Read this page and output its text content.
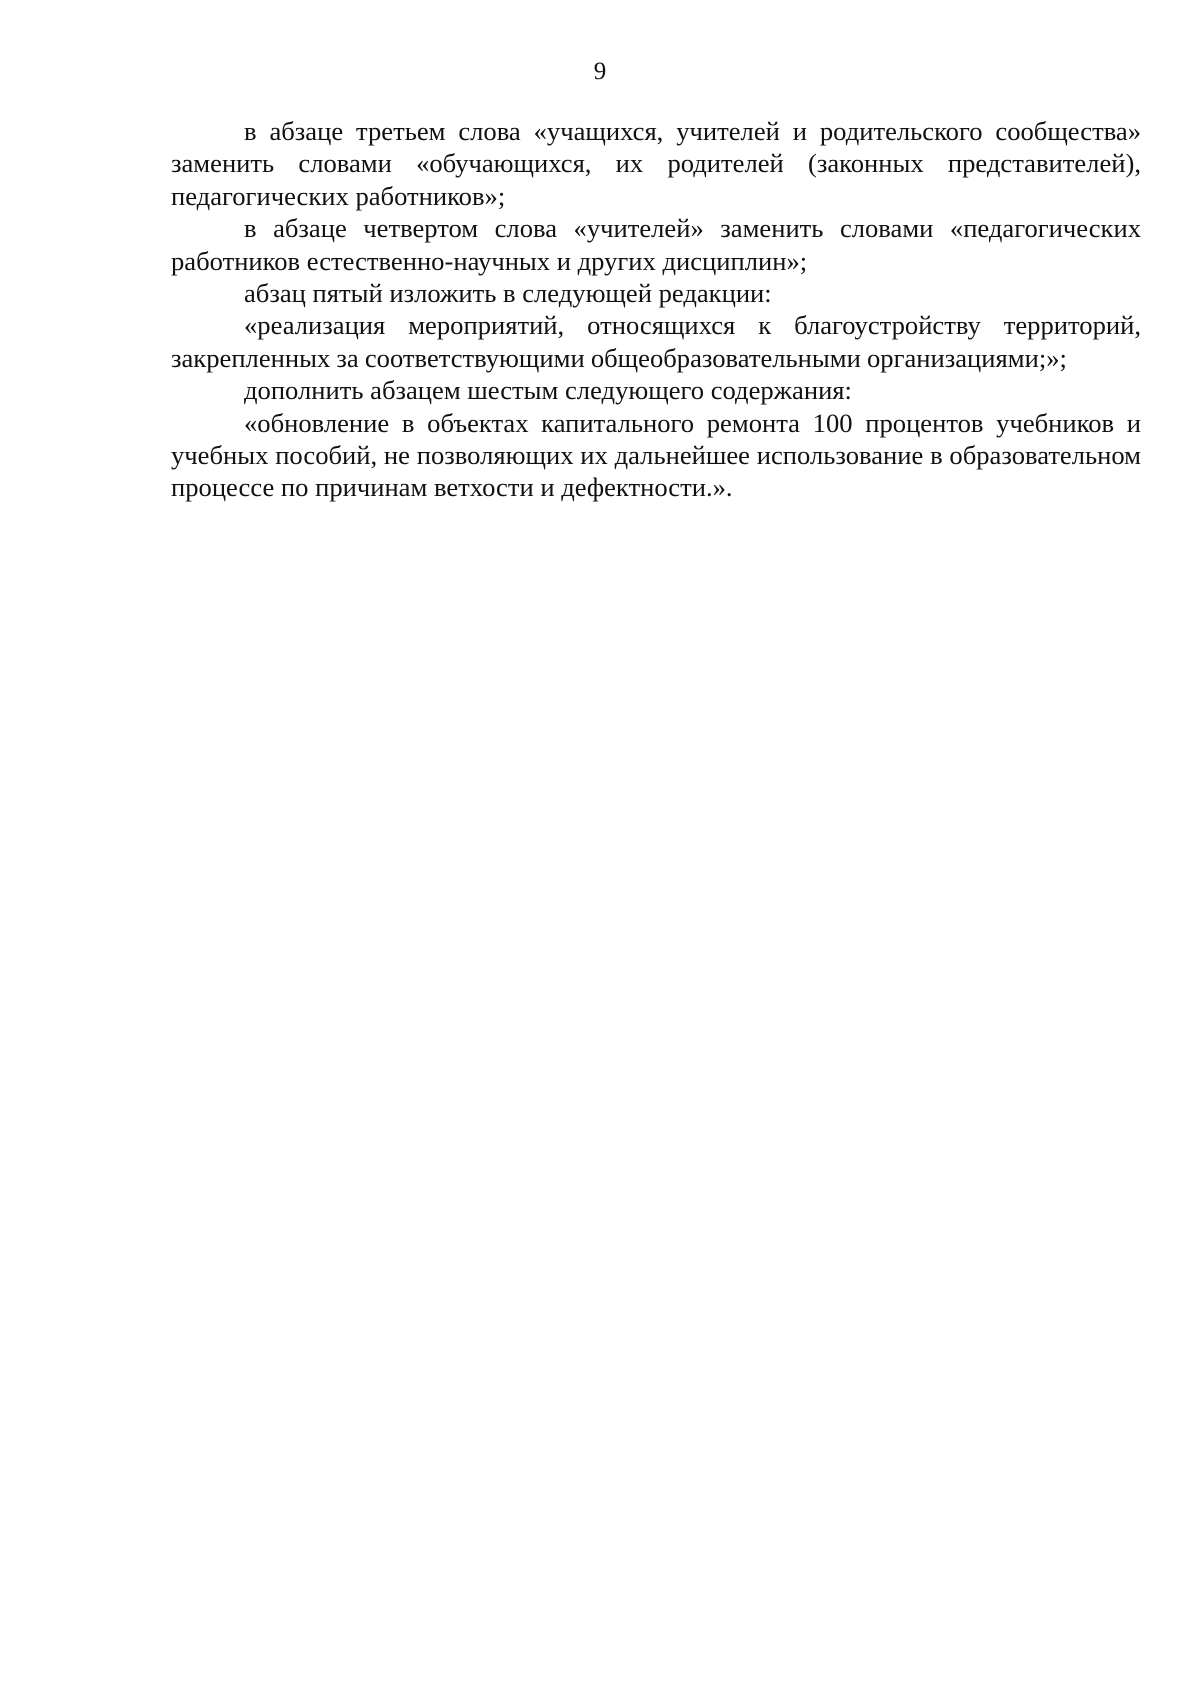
9

в абзаце третьем слова «учащихся, учителей и родительского сообщества» заменить словами «обучающихся, их родителей (законных представителей), педагогических работников»;

в абзаце четвертом слова «учителей» заменить словами «педагогических работников естественно-научных и других дисциплин»;

абзац пятый изложить в следующей редакции:

«реализация мероприятий, относящихся к благоустройству территорий, закрепленных за соответствующими общеобразовательными организациями;»;

дополнить абзацем шестым следующего содержания:

«обновление в объектах капитального ремонта 100 процентов учебников и учебных пособий, не позволяющих их дальнейшее использование в образовательном процессе по причинам ветхости и дефектности.».
